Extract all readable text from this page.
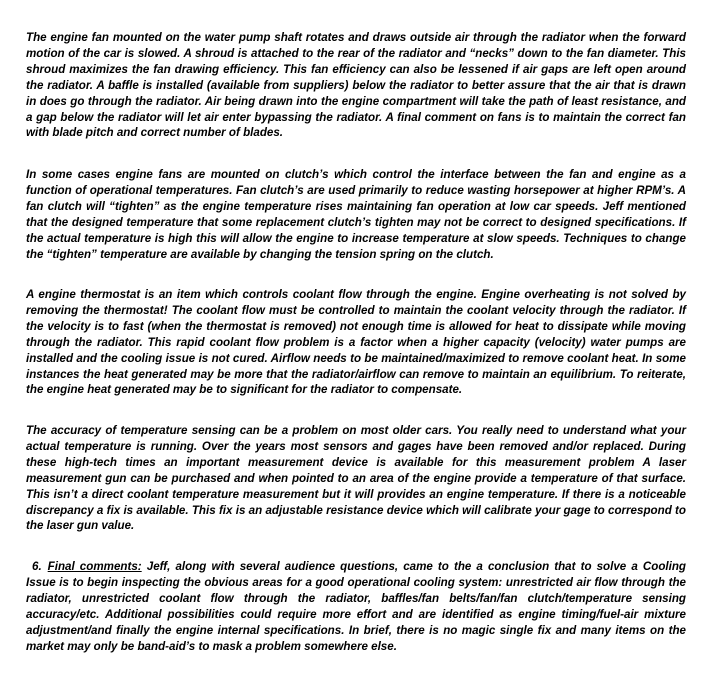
The engine fan mounted on the water pump shaft rotates and draws outside air through the radiator when the forward motion of the car is slowed. A shroud is attached to the rear of the radiator and “necks” down to the fan diameter. This shroud maximizes the fan drawing efficiency. This fan efficiency can also be lessened if air gaps are left open around the radiator. A baffle is installed (available from suppliers) below the radiator to better assure that the air that is drawn in does go through the radiator. Air being drawn into the engine compartment will take the path of least resistance, and a gap below the radiator will let air enter bypassing the radiator. A final comment on fans is to maintain the correct fan with blade pitch and correct number of blades.

In some cases engine fans are mounted on clutch’s which control the interface between the fan and engine as a function of operational temperatures. Fan clutch’s are used primarily to reduce wasting horsepower at higher RPM’s. A fan clutch will “tighten” as the engine temperature rises maintaining fan operation at low car speeds. Jeff mentioned that the designed temperature that some replacement clutch’s tighten may not be correct to designed specifications. If the actual temperature is high this will allow the engine to increase temperature at slow speeds. Techniques to change the “tighten” temperature are available by changing the tension spring on the clutch.

A engine thermostat is an item which controls coolant flow through the engine. Engine overheating is not solved by removing the thermostat! The coolant flow must be controlled to maintain the coolant velocity through the radiator. If the velocity is to fast (when the thermostat is removed) not enough time is allowed for heat to dissipate while moving through the radiator. This rapid coolant flow problem is a factor when a higher capacity (velocity) water pumps are installed and the cooling issue is not cured. Airflow needs to be maintained/maximized to remove coolant heat. In some instances the heat generated may be more that the radiator/airflow can remove to maintain an equilibrium. To reiterate, the engine heat generated may be to significant for the radiator to compensate.

The accuracy of temperature sensing can be a problem on most older cars. You really need to understand what your actual temperature is running. Over the years most sensors and gages have been removed and/or replaced. During these high-tech times an important measurement device is available for this measurement problem A laser measurement gun can be purchased and when pointed to an area of the engine provide a temperature of that surface. This isn’t a direct coolant temperature measurement but it will provides an engine temperature. If there is a noticeable discrepancy a fix is available. This fix is an adjustable resistance device which will calibrate your gage to correspond to the laser gun value.

6. Final comments: Jeff, along with several audience questions, came to the a conclusion that to solve a Cooling Issue is to begin inspecting the obvious areas for a good operational cooling system: unrestricted air flow through the radiator, unrestricted coolant flow through the radiator, baffles/fan belts/fan/fan clutch/temperature sensing accuracy/etc. Additional possibilities could require more effort and are identified as engine timing/fuel-air mixture adjustment/and finally the engine internal specifications. In brief, there is no magic single fix and many items on the market may only be band-aid’s to mask a problem somewhere else.
